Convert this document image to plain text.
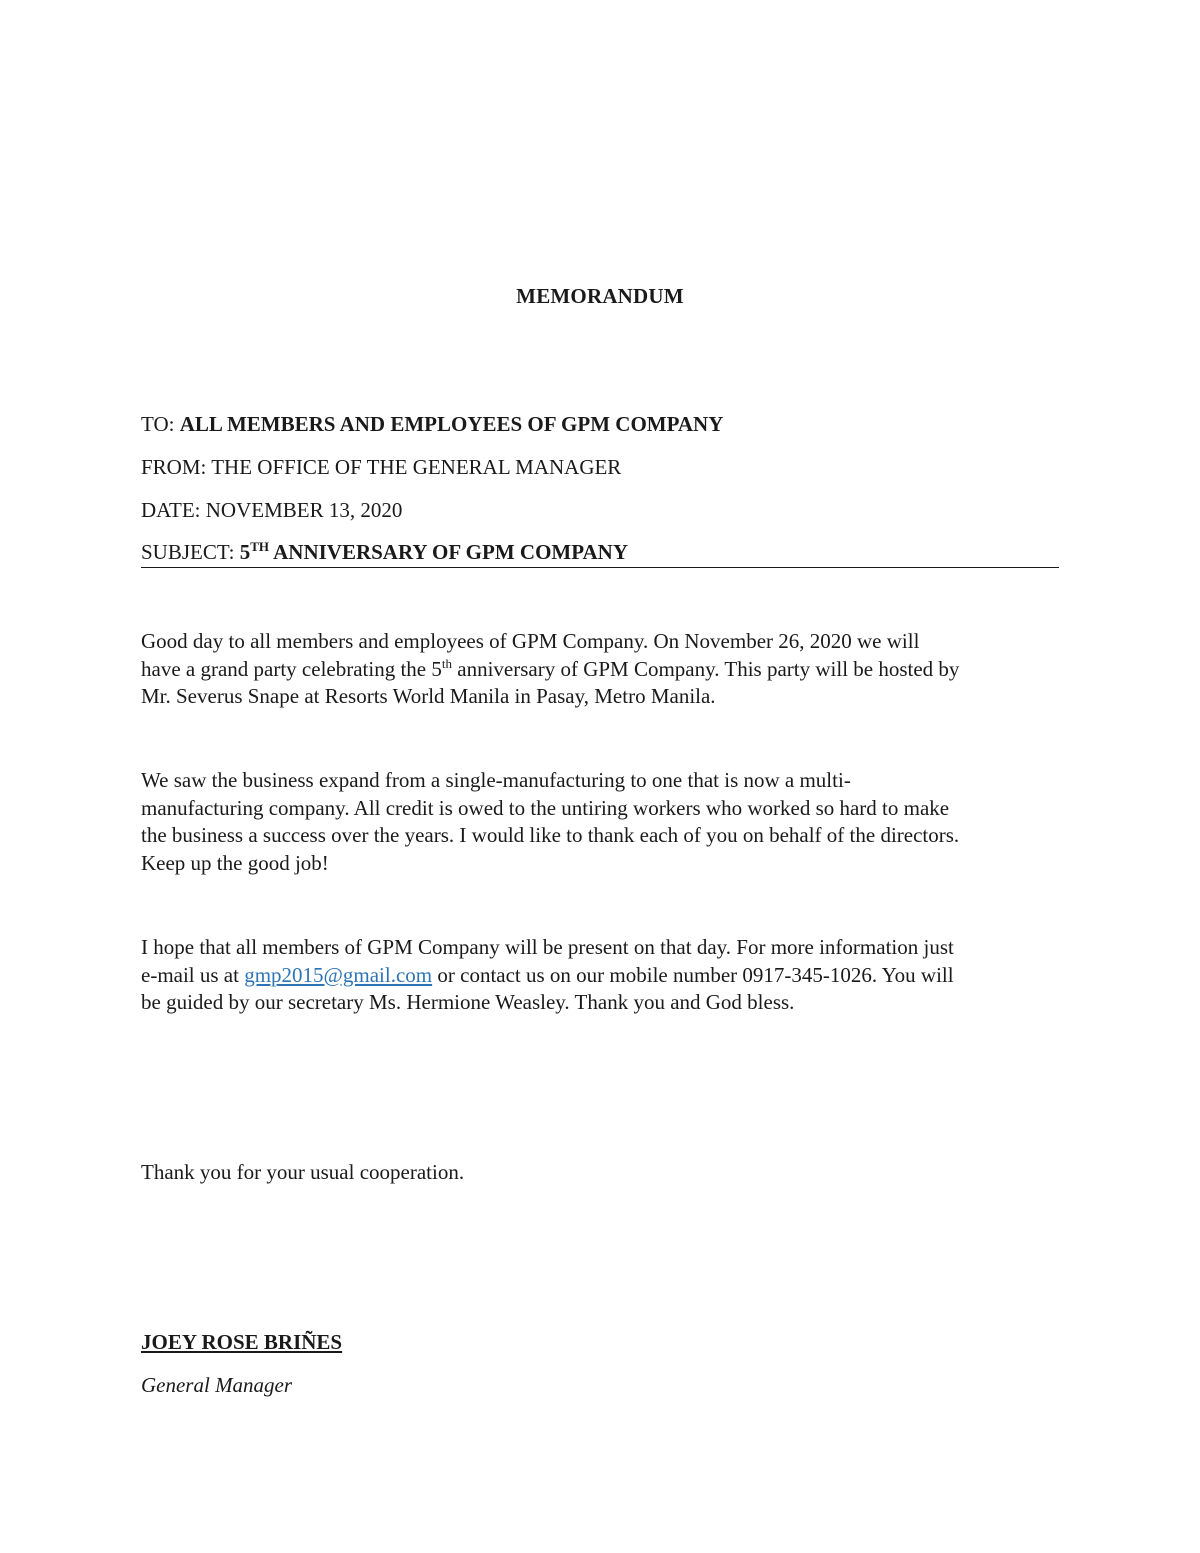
MEMORANDUM
TO: ALL MEMBERS AND EMPLOYEES OF GPM COMPANY
FROM: THE OFFICE OF THE GENERAL MANAGER
DATE: NOVEMBER 13, 2020
SUBJECT: 5TH ANNIVERSARY OF GPM COMPANY
Good day to all members and employees of GPM Company. On November 26, 2020 we will
have a grand party celebrating the 5th anniversary of GPM Company. This party will be hosted by
Mr. Severus Snape at Resorts World Manila in Pasay, Metro Manila.
We saw the business expand from a single-manufacturing to one that is now a multi-
manufacturing company. All credit is owed to the untiring workers who worked so hard to make
the business a success over the years. I would like to thank each of you on behalf of the directors.
Keep up the good job!
I hope that all members of GPM Company will be present on that day. For more information just
e-mail us at gmp2015@gmail.com or contact us on our mobile number 0917-345-1026. You will
be guided by our secretary Ms. Hermione Weasley. Thank you and God bless.
Thank you for your usual cooperation.
JOEY ROSE BRIÑES
General Manager
